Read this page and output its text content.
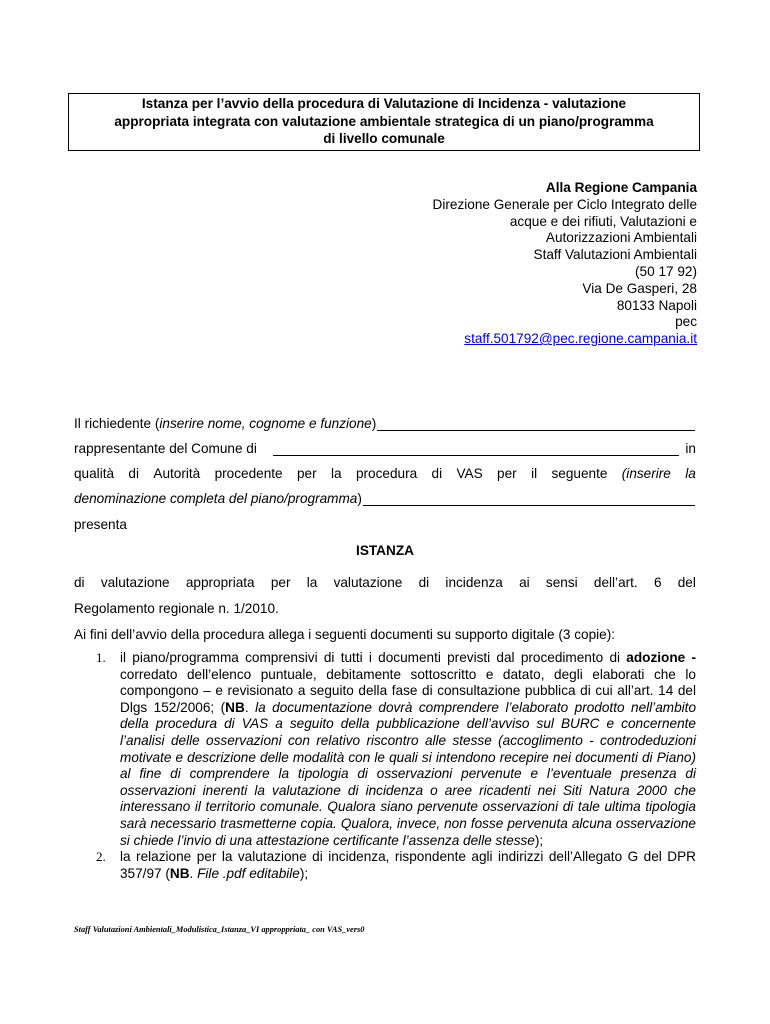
Istanza per l’avvio della procedura di Valutazione di Incidenza - valutazione
appropriata integrata con valutazione ambientale strategica di un piano/programma
di livello comunale
Alla Regione Campania
Direzione Generale per Ciclo Integrato delle
acque e dei rifiuti, Valutazioni e
Autorizzazioni Ambientali
Staff Valutazioni Ambientali
(50 17 92)
Via De Gasperi, 28
80133 Napoli
pec
staff.501792@pec.regione.campania.it
Il richiedente ( inserire nome, cognome e funzione )
rappresentante del Comune di	in
qualità di Autorità procedente per la procedura di VAS per il seguente (inserire la
denominazione completa del piano/programma )
presenta
ISTANZA
di valutazione appropriata per la valutazione di incidenza ai sensi dell’art. 6 del
Regolamento regionale n. 1/2010.
Ai fini dell’avvio della procedura allega i seguenti documenti su supporto digitale (3 copie):
1. il piano/programma comprensivi di tutti i documenti previsti dal procedimento di adozione - corredato dell’elenco puntuale, debitamente sottoscritto e datato, degli elaborati che lo compongono – e revisionato a seguito della fase di consultazione pubblica di cui all’art. 14 del Dlgs 152/2006; (NB. la documentazione dovrà comprendere l’elaborato prodotto nell’ambito della procedura di VAS a seguito della pubblicazione dell’avviso sul BURC e concernente l’analisi delle osservazioni con relativo riscontro alle stesse (accoglimento - controdeduzioni motivate e descrizione delle modalità con le quali si intendono recepire nei documenti di Piano) al fine di comprendere la tipologia di osservazioni pervenute e l’eventuale presenza di osservazioni inerenti la valutazione di incidenza o aree ricadenti nei Siti Natura 2000 che interessano il territorio comunale. Qualora siano pervenute osservazioni di tale ultima tipologia sarà necessario trasmetterne copia. Qualora, invece, non fosse pervenuta alcuna osservazione si chiede l’invio di una attestazione certificante l’assenza delle stesse);
2. la relazione per la valutazione di incidenza, rispondente agli indirizzi dell’Allegato G del DPR 357/97 (NB. File .pdf editabile);
Staff Valutazioni Ambientali_Modulistica_Istanza_VI approppriata_ con VAS_vers0
